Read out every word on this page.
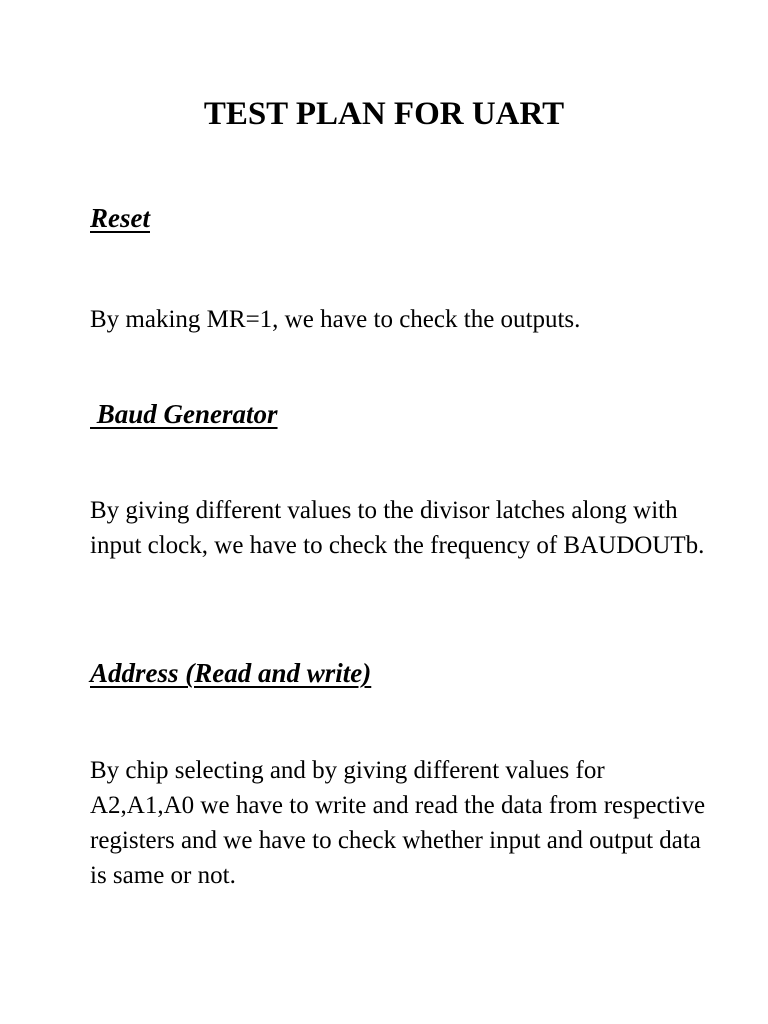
TEST PLAN FOR UART
Reset

By making MR=1, we have to check the outputs.

Baud Generator

By giving different values to the divisor latches along with input clock, we have to check the frequency of BAUDOUTb.

Address (Read and write)

By chip selecting and by giving different values for A2,A1,A0 we have to write and read the data from respective registers and we have to check whether input and output data is same or not.
